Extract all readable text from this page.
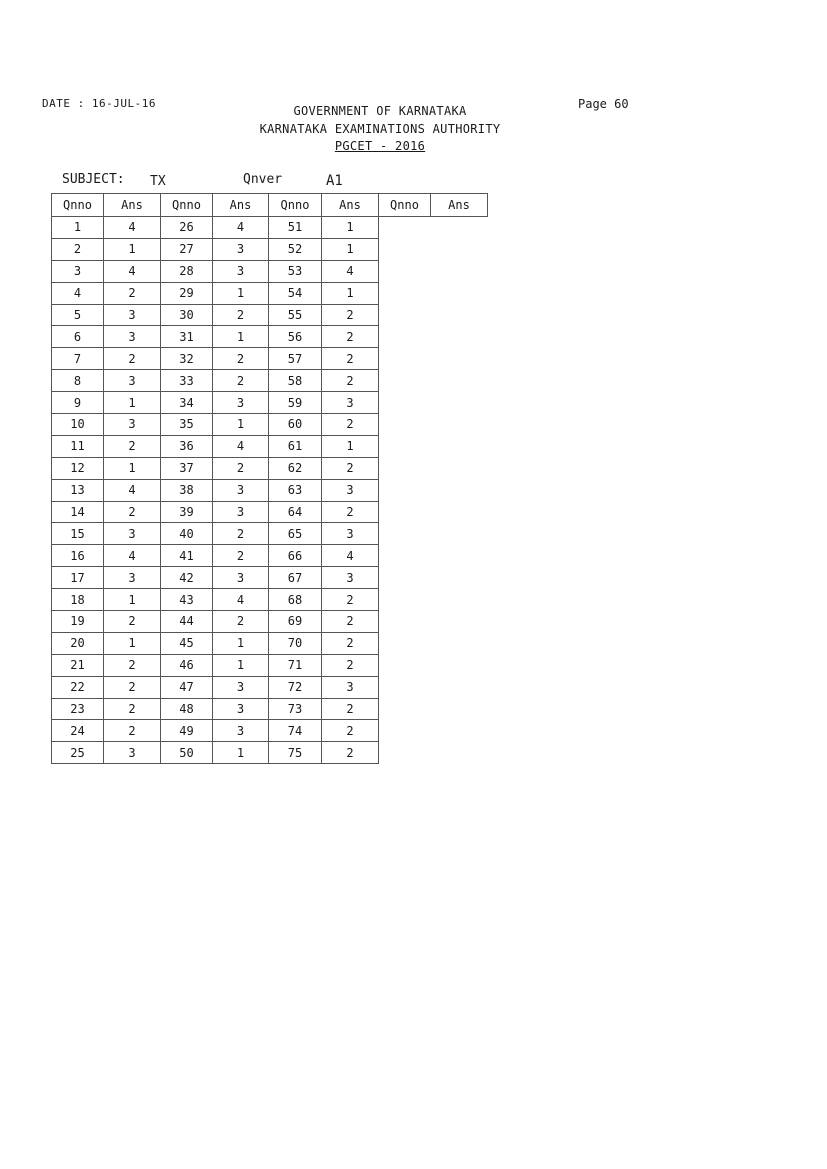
DATE : 16-JUL-16	Page 60
GOVERNMENT OF KARNATAKA
KARNATAKA EXAMINATIONS AUTHORITY
PGCET - 2016
SUBJECT: TX	Qnver	A1
Qnno	Ans	Qnno	Ans	Qnno	Ans	Qnno	Ans
1	4	26	4	51	1		
2	1	27	3	52	1		
3	4	28	3	53	4		
4	2	29	1	54	1		
5	3	30	2	55	2		
6	3	31	1	56	2		
7	2	32	2	57	2		
8	3	33	2	58	2		
9	1	34	3	59	3		
10	3	35	1	60	2		
11	2	36	4	61	1		
12	1	37	2	62	2		
13	4	38	3	63	3		
14	2	39	3	64	2		
15	3	40	2	65	3		
16	4	41	2	66	4		
17	3	42	3	67	3		
18	1	43	4	68	2		
19	2	44	2	69	2		
20	1	45	1	70	2		
21	2	46	1	71	2		
22	2	47	3	72	3		
23	2	48	3	73	2		
24	2	49	3	74	2		
25	3	50	1	75	2		
